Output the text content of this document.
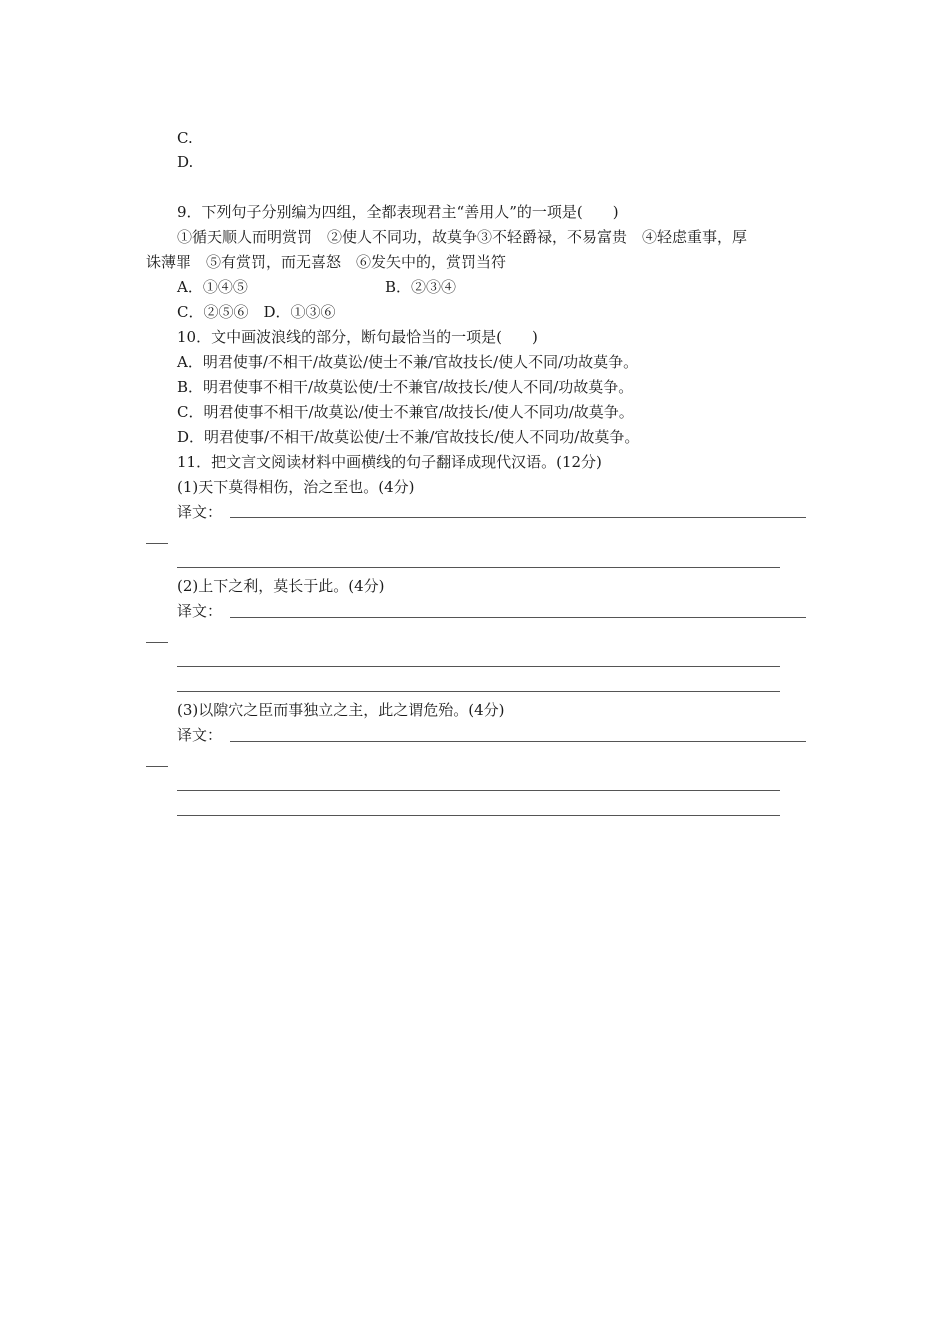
C.
D.
9．下列句子分别编为四组，全都表现君主“善用人”的一项是(　　)
①循天顺人而明赏罚　②使人不同功，故莫争③不轻爵禄，不易富贵　④轻虑重事，厚
诛薄罪　⑤有赏罚，而无喜怒　⑥发矢中的，赏罚当符
A．①④⑤	B．②③④
C．②⑤⑥　D．①③⑥
10．文中画波浪线的部分，断句最恰当的一项是(　　)
A．明君使事/不相干/故莫讼/使士不兼/官故技长/使人不同/功故莫争。
B．明君使事不相干/故莫讼使/士不兼官/故技长/使人不同/功故莫争。
C．明君使事不相干/故莫讼/使士不兼官/故技长/使人不同功/故莫争。
D．明君使事/不相干/故莫讼使/士不兼/官故技长/使人不同功/故莫争。
11．把文言文阅读材料中画横线的句子翻译成现代汉语。(12分)
(1)天下莫得相伤，治之至也。(4分)
译文：
(2)上下之利，莫长于此。(4分)
译文：
(3)以隙穴之臣而事独立之主，此之谓危殆。(4分)
译文：
